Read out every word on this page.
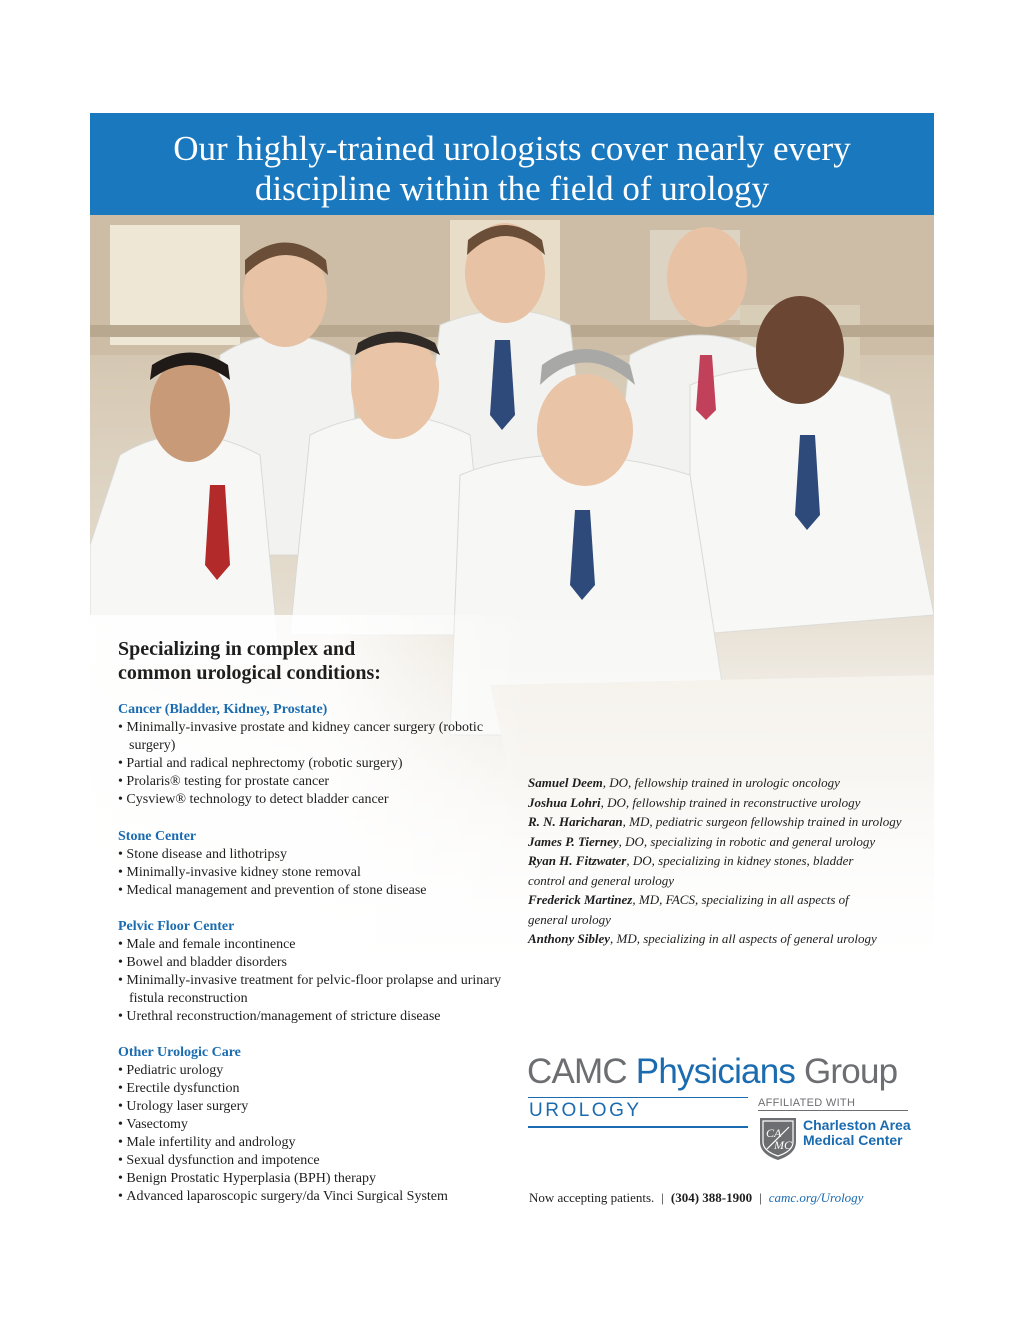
Our highly-trained urologists cover nearly every
discipline within the field of urology
Specializing in complex and
common urological conditions:
Cancer (Bladder, Kidney, Prostate)
• Minimally-invasive prostate and kidney cancer surgery (robotic surgery)
• Partial and radical nephrectomy (robotic surgery)
• Prolaris® testing for prostate cancer
• Cysview® technology to detect bladder cancer
Stone Center
• Stone disease and lithotripsy
• Minimally-invasive kidney stone removal
• Medical management and prevention of stone disease
Pelvic Floor Center
• Male and female incontinence
• Bowel and bladder disorders
• Minimally-invasive treatment for pelvic-floor prolapse and urinary fistula reconstruction
• Urethral reconstruction/management of stricture disease
Other Urologic Care
• Pediatric urology
• Erectile dysfunction
• Urology laser surgery
• Vasectomy
• Male infertility and andrology
• Sexual dysfunction and impotence
• Benign Prostatic Hyperplasia (BPH) therapy
• Advanced laparoscopic surgery/da Vinci Surgical System
Samuel Deem, DO, fellowship trained in urologic oncology
Joshua Lohri, DO, fellowship trained in reconstructive urology
R. N. Haricharan, MD, pediatric surgeon fellowship trained in urology
James P. Tierney, DO, specializing in robotic and general urology
Ryan H. Fitzwater, DO, specializing in kidney stones, bladder control and general urology
Frederick Martinez, MD, FACS, specializing in all aspects of general urology
Anthony Sibley, MD, specializing in all aspects of general urology
CAMC Physicians Group
UROLOGY	AFFILIATED WITH
CA
MC
Charleston Area
Medical Center
Now accepting patients. | (304) 388-1900 | camc.org/Urology
